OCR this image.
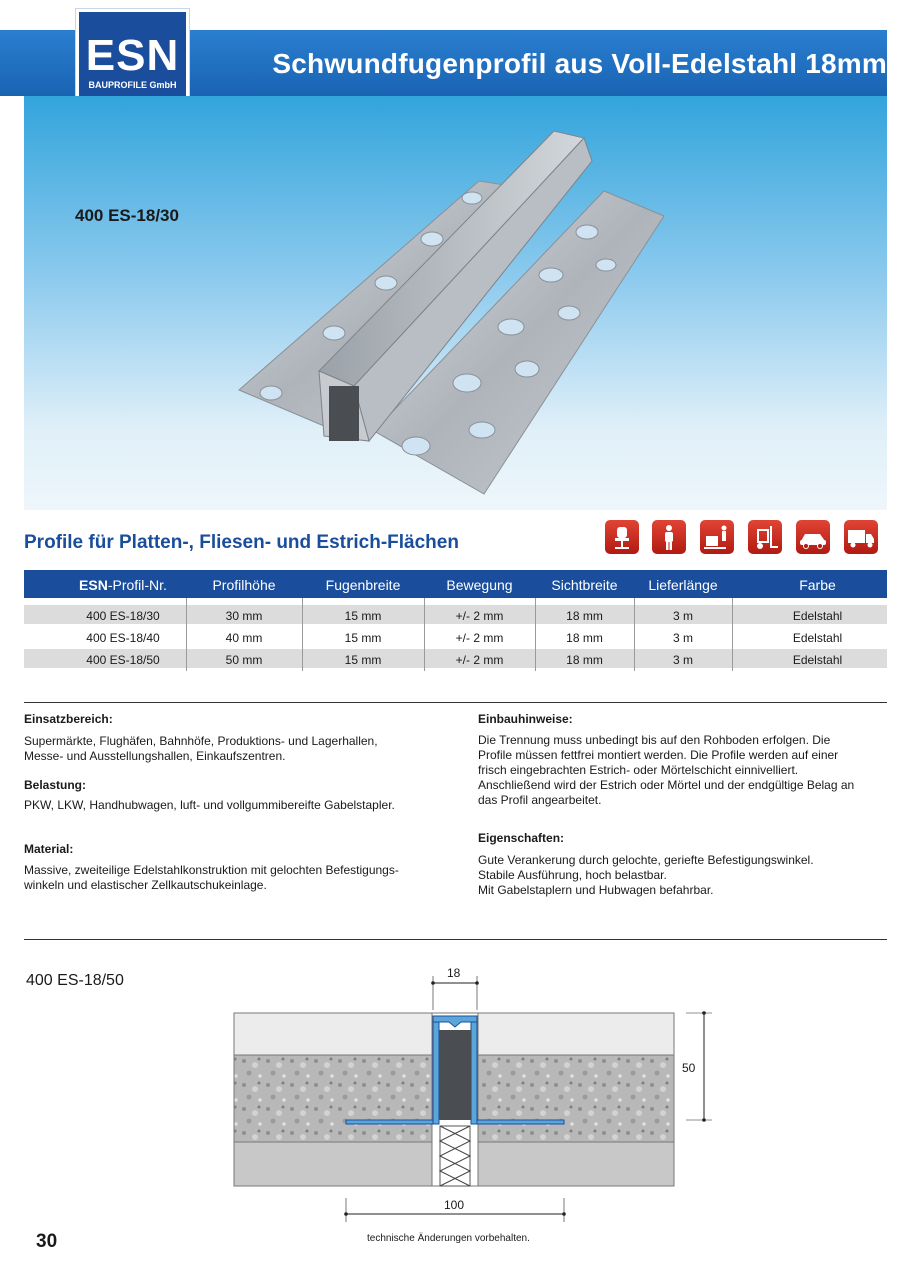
Schwundfugenprofil aus Voll-Edelstahl 18mm
ESN
BAUPROFILE GmbH
400 ES-18/30
Profile für Platten-, Fliesen- und Estrich-Flächen
ESN-Profil-Nr.	Profilhöhe	Fugenbreite	Bewegung	Sichtbreite	Lieferlänge	Farbe
400 ES-18/30	30 mm	15 mm	+/- 2 mm	18 mm	3 m	Edelstahl
400 ES-18/40	40 mm	15 mm	+/- 2 mm	18 mm	3 m	Edelstahl
400 ES-18/50	50 mm	15 mm	+/- 2 mm	18 mm	3 m	Edelstahl
Einsatzbereich:
Supermärkte, Flughäfen, Bahnhöfe, Produktions- und Lagerhallen,
Messe- und Ausstellungshallen, Einkaufszentren.
Belastung:
PKW, LKW, Handhubwagen, luft- und vollgummibereifte Gabelstapler.
Material:
Massive, zweiteilige Edelstahlkonstruktion mit gelochten Befestigungs-
winkeln und elastischer Zellkautschukeinlage.
Einbauhinweise:
Die Trennung muss unbedingt bis auf den Rohboden erfolgen. Die
Profile müssen fettfrei montiert werden. Die Profile werden auf einer
frisch eingebrachten Estrich- oder Mörtelschicht einnivelliert.
Anschließend wird der Estrich oder Mörtel und der endgültige Belag an
das Profil angearbeitet.
Eigenschaften:
Gute Verankerung durch gelochte, geriefte Befestigungswinkel.
Stabile Ausführung, hoch belastbar.
Mit Gabelstaplern und Hubwagen befahrbar.
400 ES-18/50	18
50
100
30	technische Änderungen vorbehalten.
